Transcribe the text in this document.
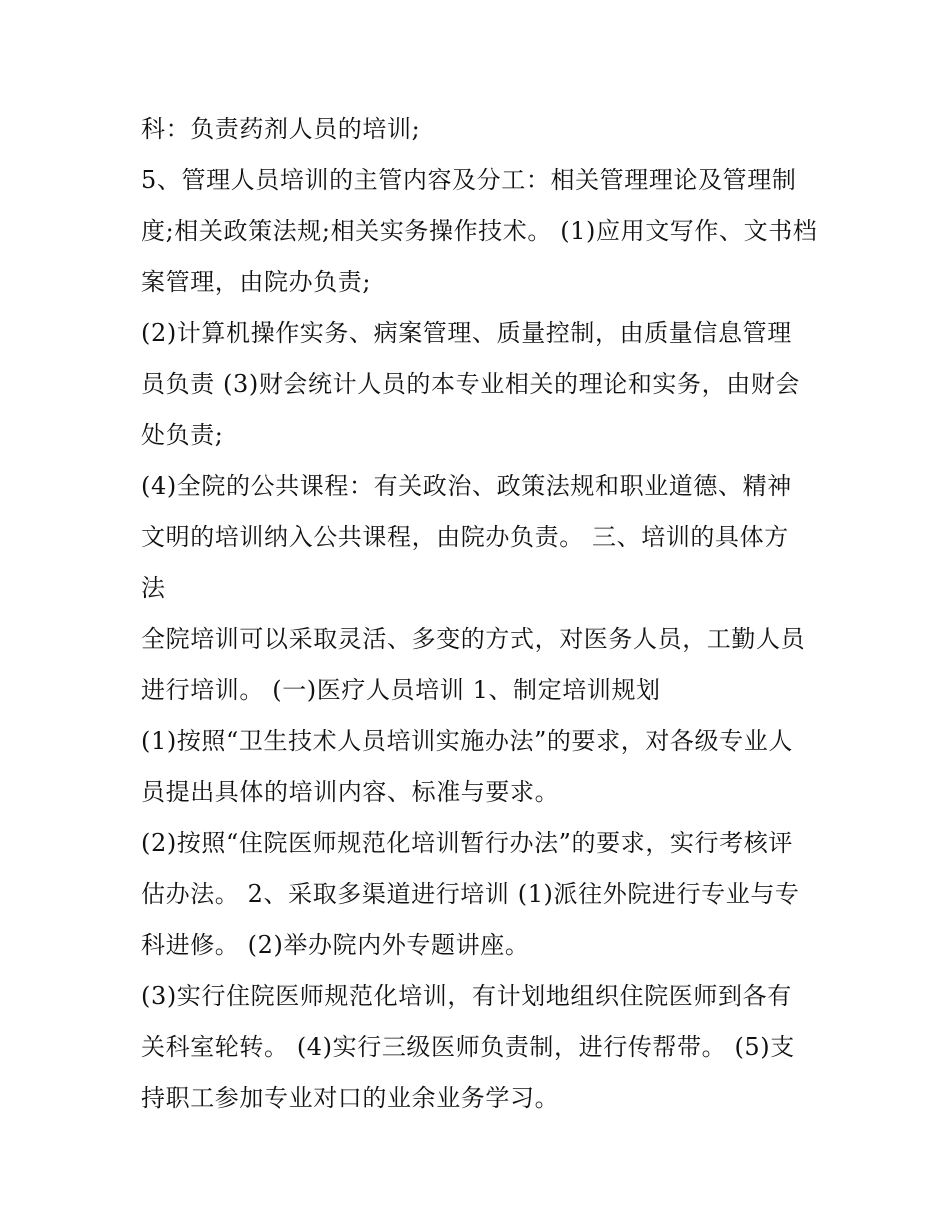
科：负责药剂人员的培训;
5、管理人员培训的主管内容及分工：相关管理理论及管理制
度;相关政策法规;相关实务操作技术。 (1)应用文写作、文书档
案管理，由院办负责;
(2)计算机操作实务、病案管理、质量控制，由质量信息管理
员负责 (3)财会统计人员的本专业相关的理论和实务，由财会
处负责;
(4)全院的公共课程：有关政治、政策法规和职业道德、精神
文明的培训纳入公共课程，由院办负责。 三、培训的具体方
法
全院培训可以采取灵活、多变的方式，对医务人员，工勤人员
进行培训。 (一)医疗人员培训 1、制定培训规划
(1)按照“卫生技术人员培训实施办法”的要求，对各级专业人
员提出具体的培训内容、标准与要求。
(2)按照“住院医师规范化培训暂行办法”的要求，实行考核评
估办法。 2、采取多渠道进行培训 (1)派往外院进行专业与专
科进修。 (2)举办院内外专题讲座。
(3)实行住院医师规范化培训，有计划地组织住院医师到各有
关科室轮转。 (4)实行三级医师负责制，进行传帮带。 (5)支
持职工参加专业对口的业余业务学习。
